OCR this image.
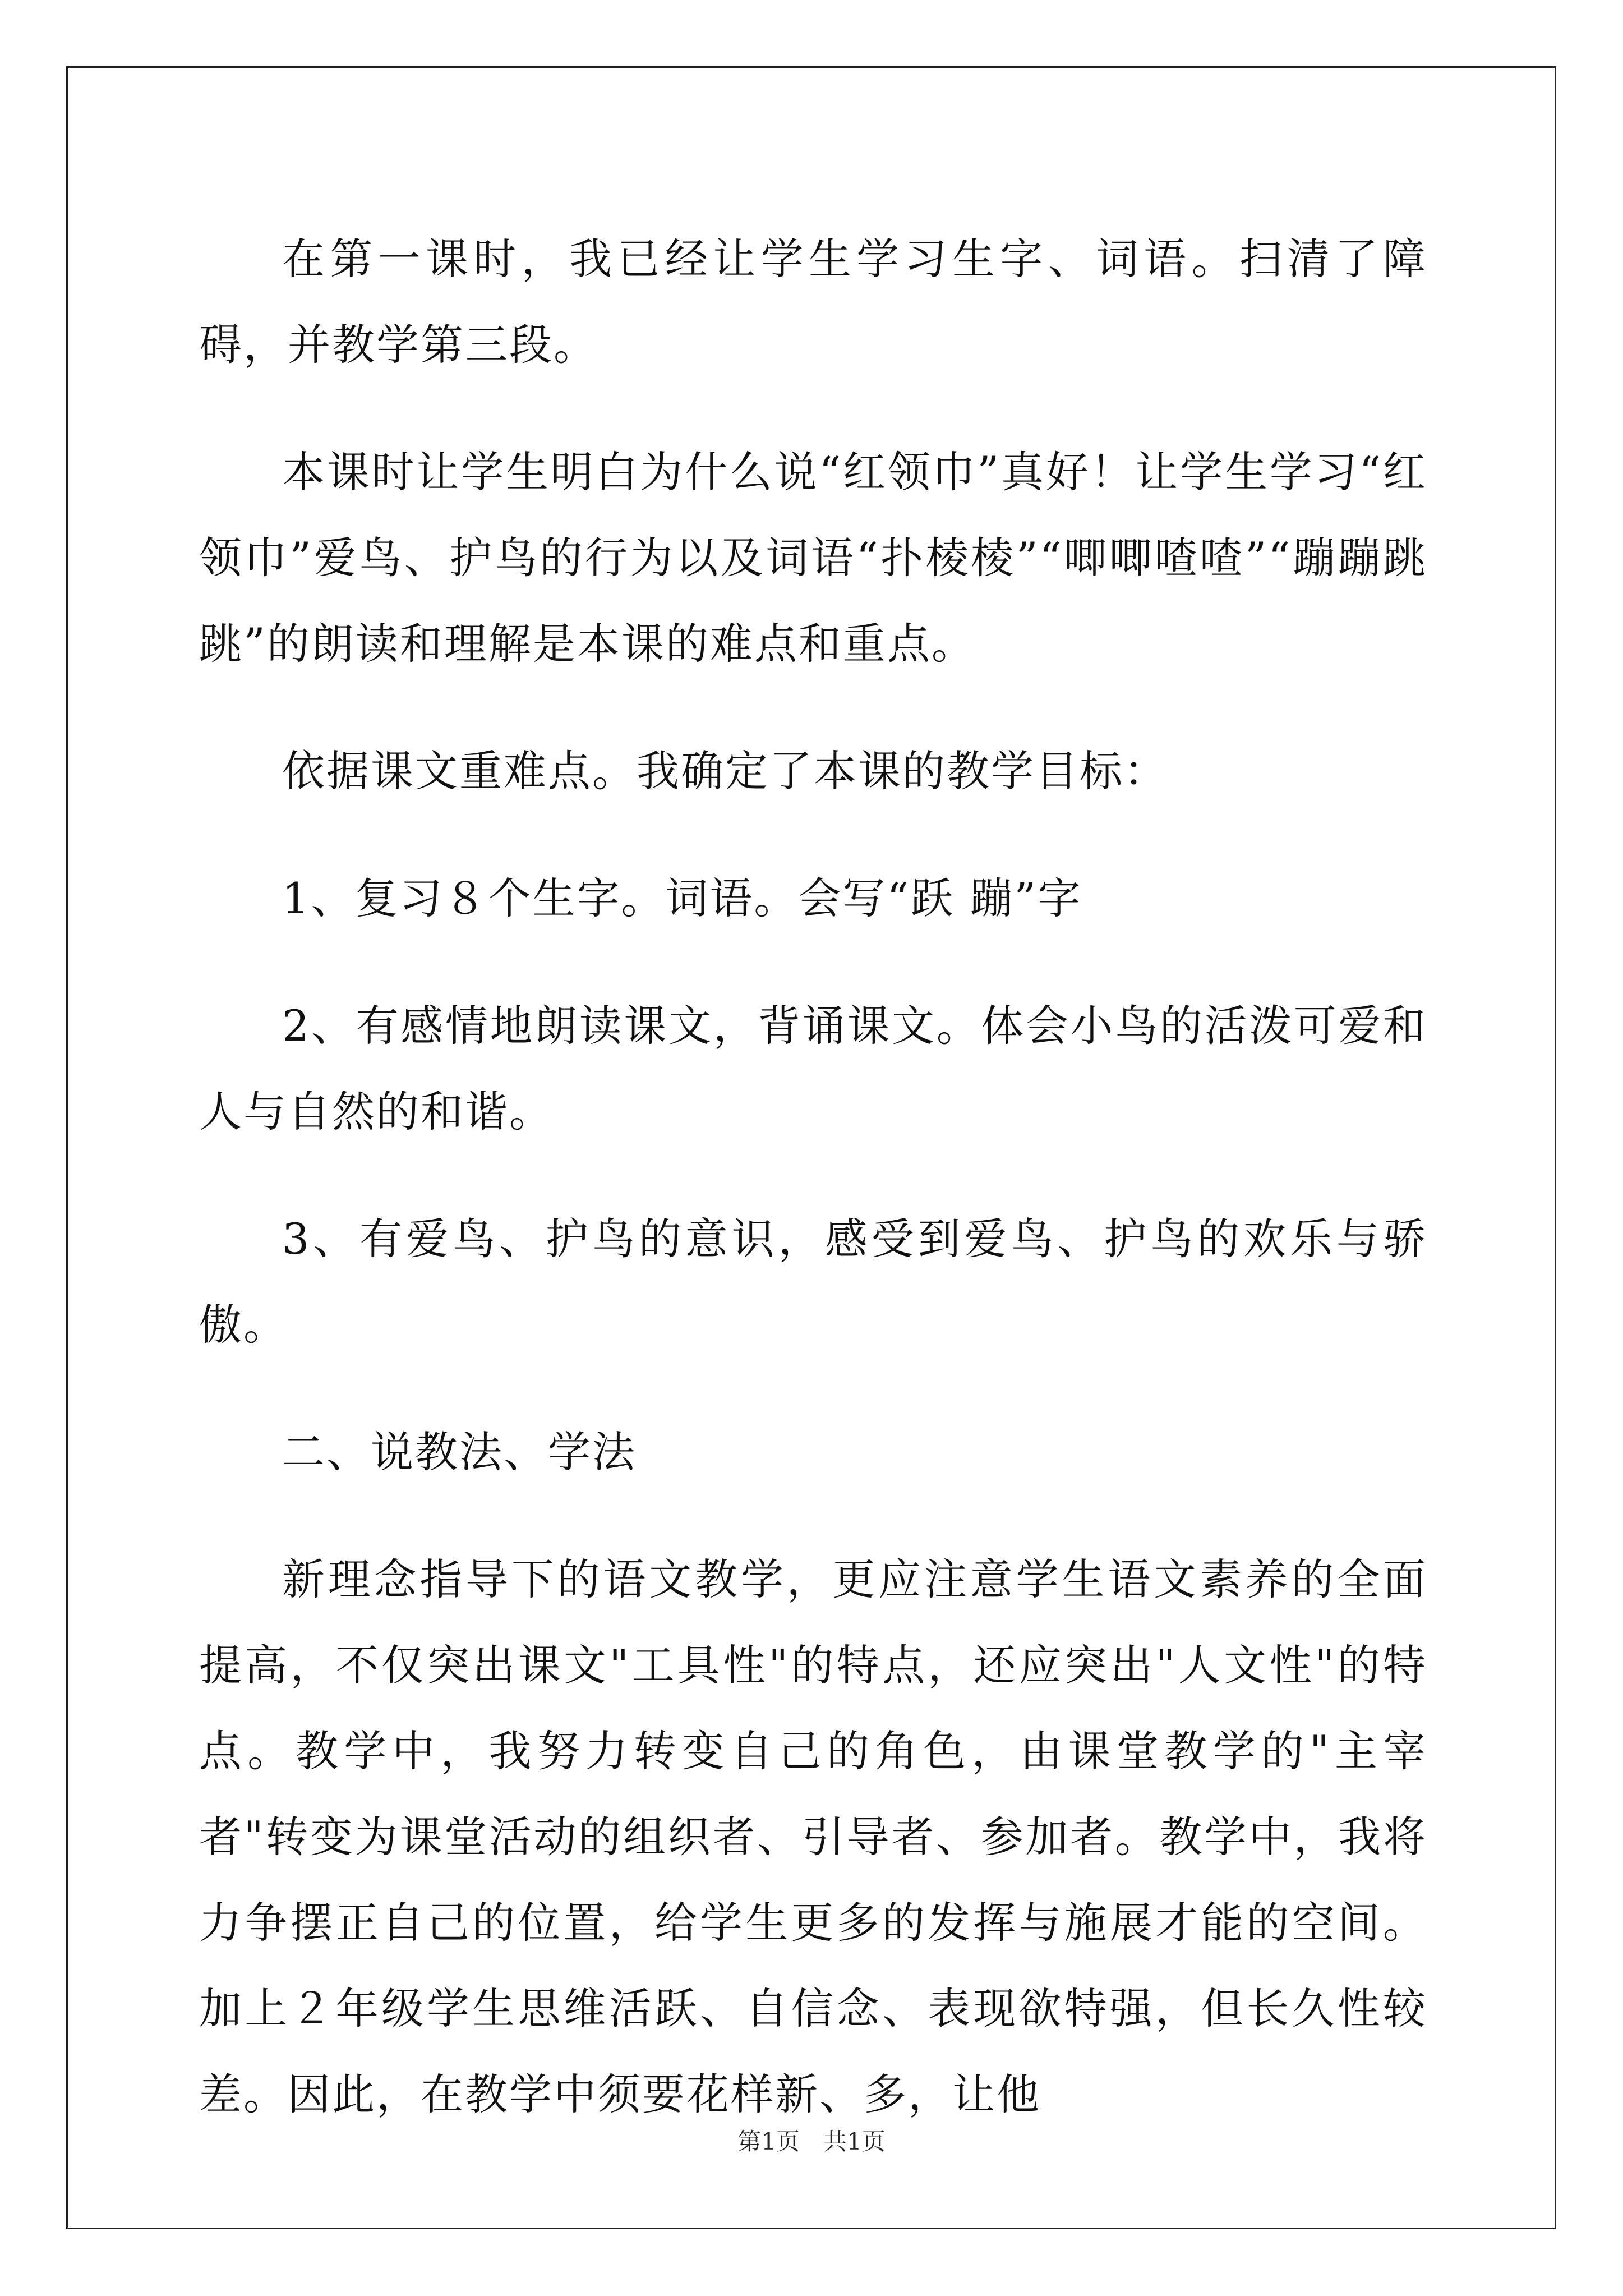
在第一课时，我已经让学生学习生字、词语。扫清了障碍，并教学第三段。

本课时让学生明白为什么说“红领巾”真好！让学生学习“红领巾”爱鸟、护鸟的行为以及词语“扑棱棱”“唧唧喳喳”“蹦蹦跳跳”的朗读和理解是本课的难点和重点。

依据课文重难点。我确定了本课的教学目标：

1、复习８个生字。词语。会写“跃 蹦”字

2、有感情地朗读课文，背诵课文。体会小鸟的活泼可爱和人与自然的和谐。

3、有爱鸟、护鸟的意识，感受到爱鸟、护鸟的欢乐与骄傲。

二、说教法、学法

新理念指导下的语文教学，更应注意学生语文素养的全面提高，不仅突出课文"工具性"的特点，还应突出"人文性"的特点。教学中，我努力转变自己的角色，由课堂教学的"主宰者"转变为课堂活动的组织者、引导者、参加者。教学中，我将力争摆正自己的位置，给学生更多的发挥与施展才能的空间。加上２年级学生思维活跃、自信念、表现欲特强，但长久性较差。因此，在教学中须要花样新、多，让他

第1页　共1页
